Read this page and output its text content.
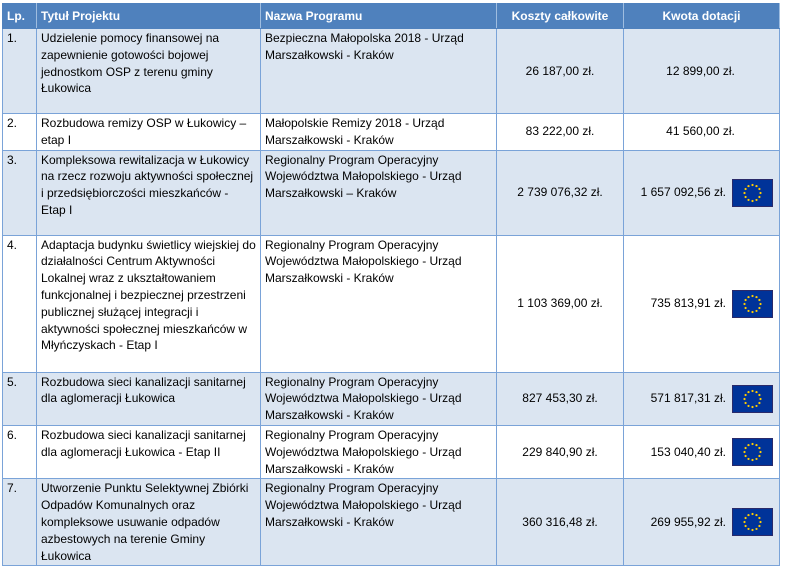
Lp.	Tytuł Projektu	Nazwa Programu	Koszty całkowite	Kwota dotacji
1.	Udzielenie pomocy finansowej na zapewnienie gotowości bojowej jednostkom OSP z terenu gminy Łukowica	Bezpieczna Małopolska 2018 - Urząd Marszałkowski - Kraków	26 187,00 zł.	12 899,00 zł.

2.	Rozbudowa remizy OSP w Łukowicy – etap I	Małopolskie Remizy 2018 - Urząd Marszałkowski - Kraków	83 222,00 zł.	41 560,00 zł.

3.	Kompleksowa rewitalizacja w Łukowicy na rzecz rozwoju aktywności społecznej i przedsiębiorczości mieszkańców - Etap I	Regionalny Program Operacyjny Województwa Małopolskiego - Urząd Marszałkowski – Kraków	2 739 076,32 zł.	1 657 092,56 zł.

4.	Adaptacja budynku świetlicy wiejskiej do działalności Centrum Aktywności Lokalnej wraz z ukształtowaniem funkcjonalnej i bezpiecznej przestrzeni publicznej służącej integracji i aktywności społecznej mieszkańców w Młyńczyskach - Etap I	Regionalny Program Operacyjny Województwa Małopolskiego - Urząd Marszałkowski - Kraków	1 103 369,00 zł.	735 813,91 zł.

5.	Rozbudowa sieci kanalizacji sanitarnej dla aglomeracji Łukowica	Regionalny Program Operacyjny Województwa Małopolskiego - Urząd Marszałkowski - Kraków	827 453,30 zł.	571 817,31 zł.

6.	Rozbudowa sieci kanalizacji sanitarnej dla aglomeracji Łukowica - Etap II	Regionalny Program Operacyjny Województwa Małopolskiego - Urząd Marszałkowski - Kraków	229 840,90 zł.	153 040,40 zł.

7.	Utworzenie Punktu Selektywnej Zbiórki Odpadów Komunalnych oraz kompleksowe usuwanie odpadów azbestowych na terenie Gminy Łukowica	Regionalny Program Operacyjny Województwa Małopolskiego - Urząd Marszałkowski - Kraków	360 316,48 zł.	269 955,92 zł.
